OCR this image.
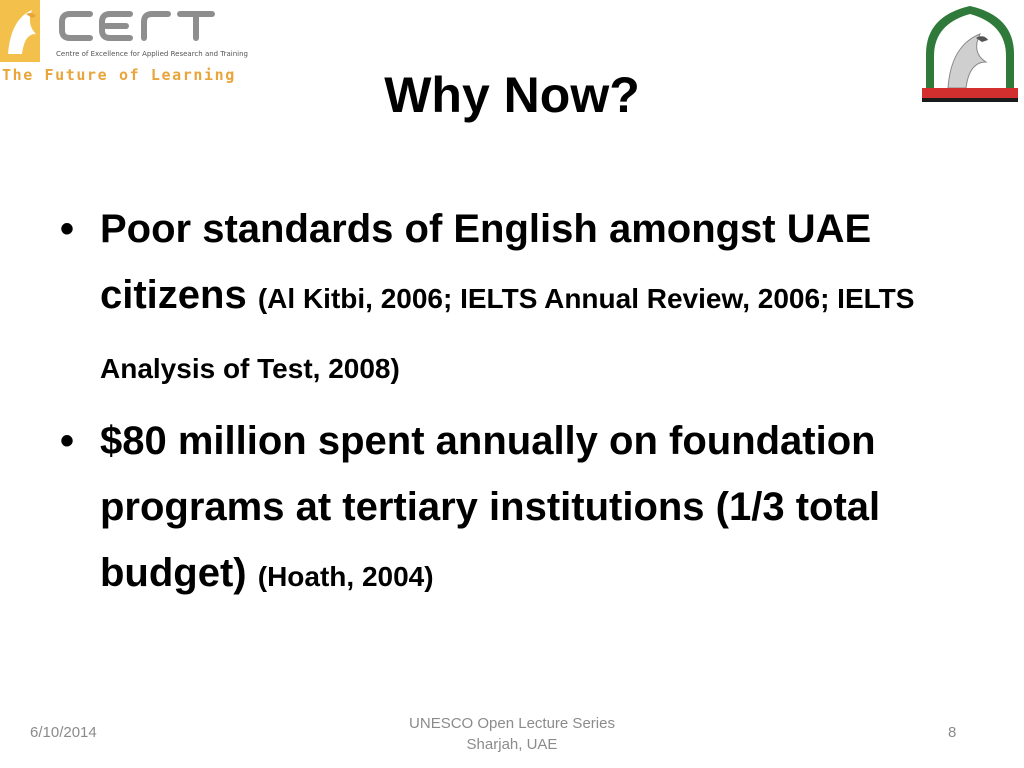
Centre of Excellence for Applied Research and Training
The Future of Learning	Why Now?
• Poor standards of English amongst UAE citizens (Al Kitbi, 2006; IELTS Annual Review, 2006; IELTS Analysis of Test, 2008)
• $80 million spent annually on foundation programs at tertiary institutions (1/3 total budget) (Hoath, 2004)
6/10/2014
UNESCO Open Lecture Series
Sharjah, UAE
8
